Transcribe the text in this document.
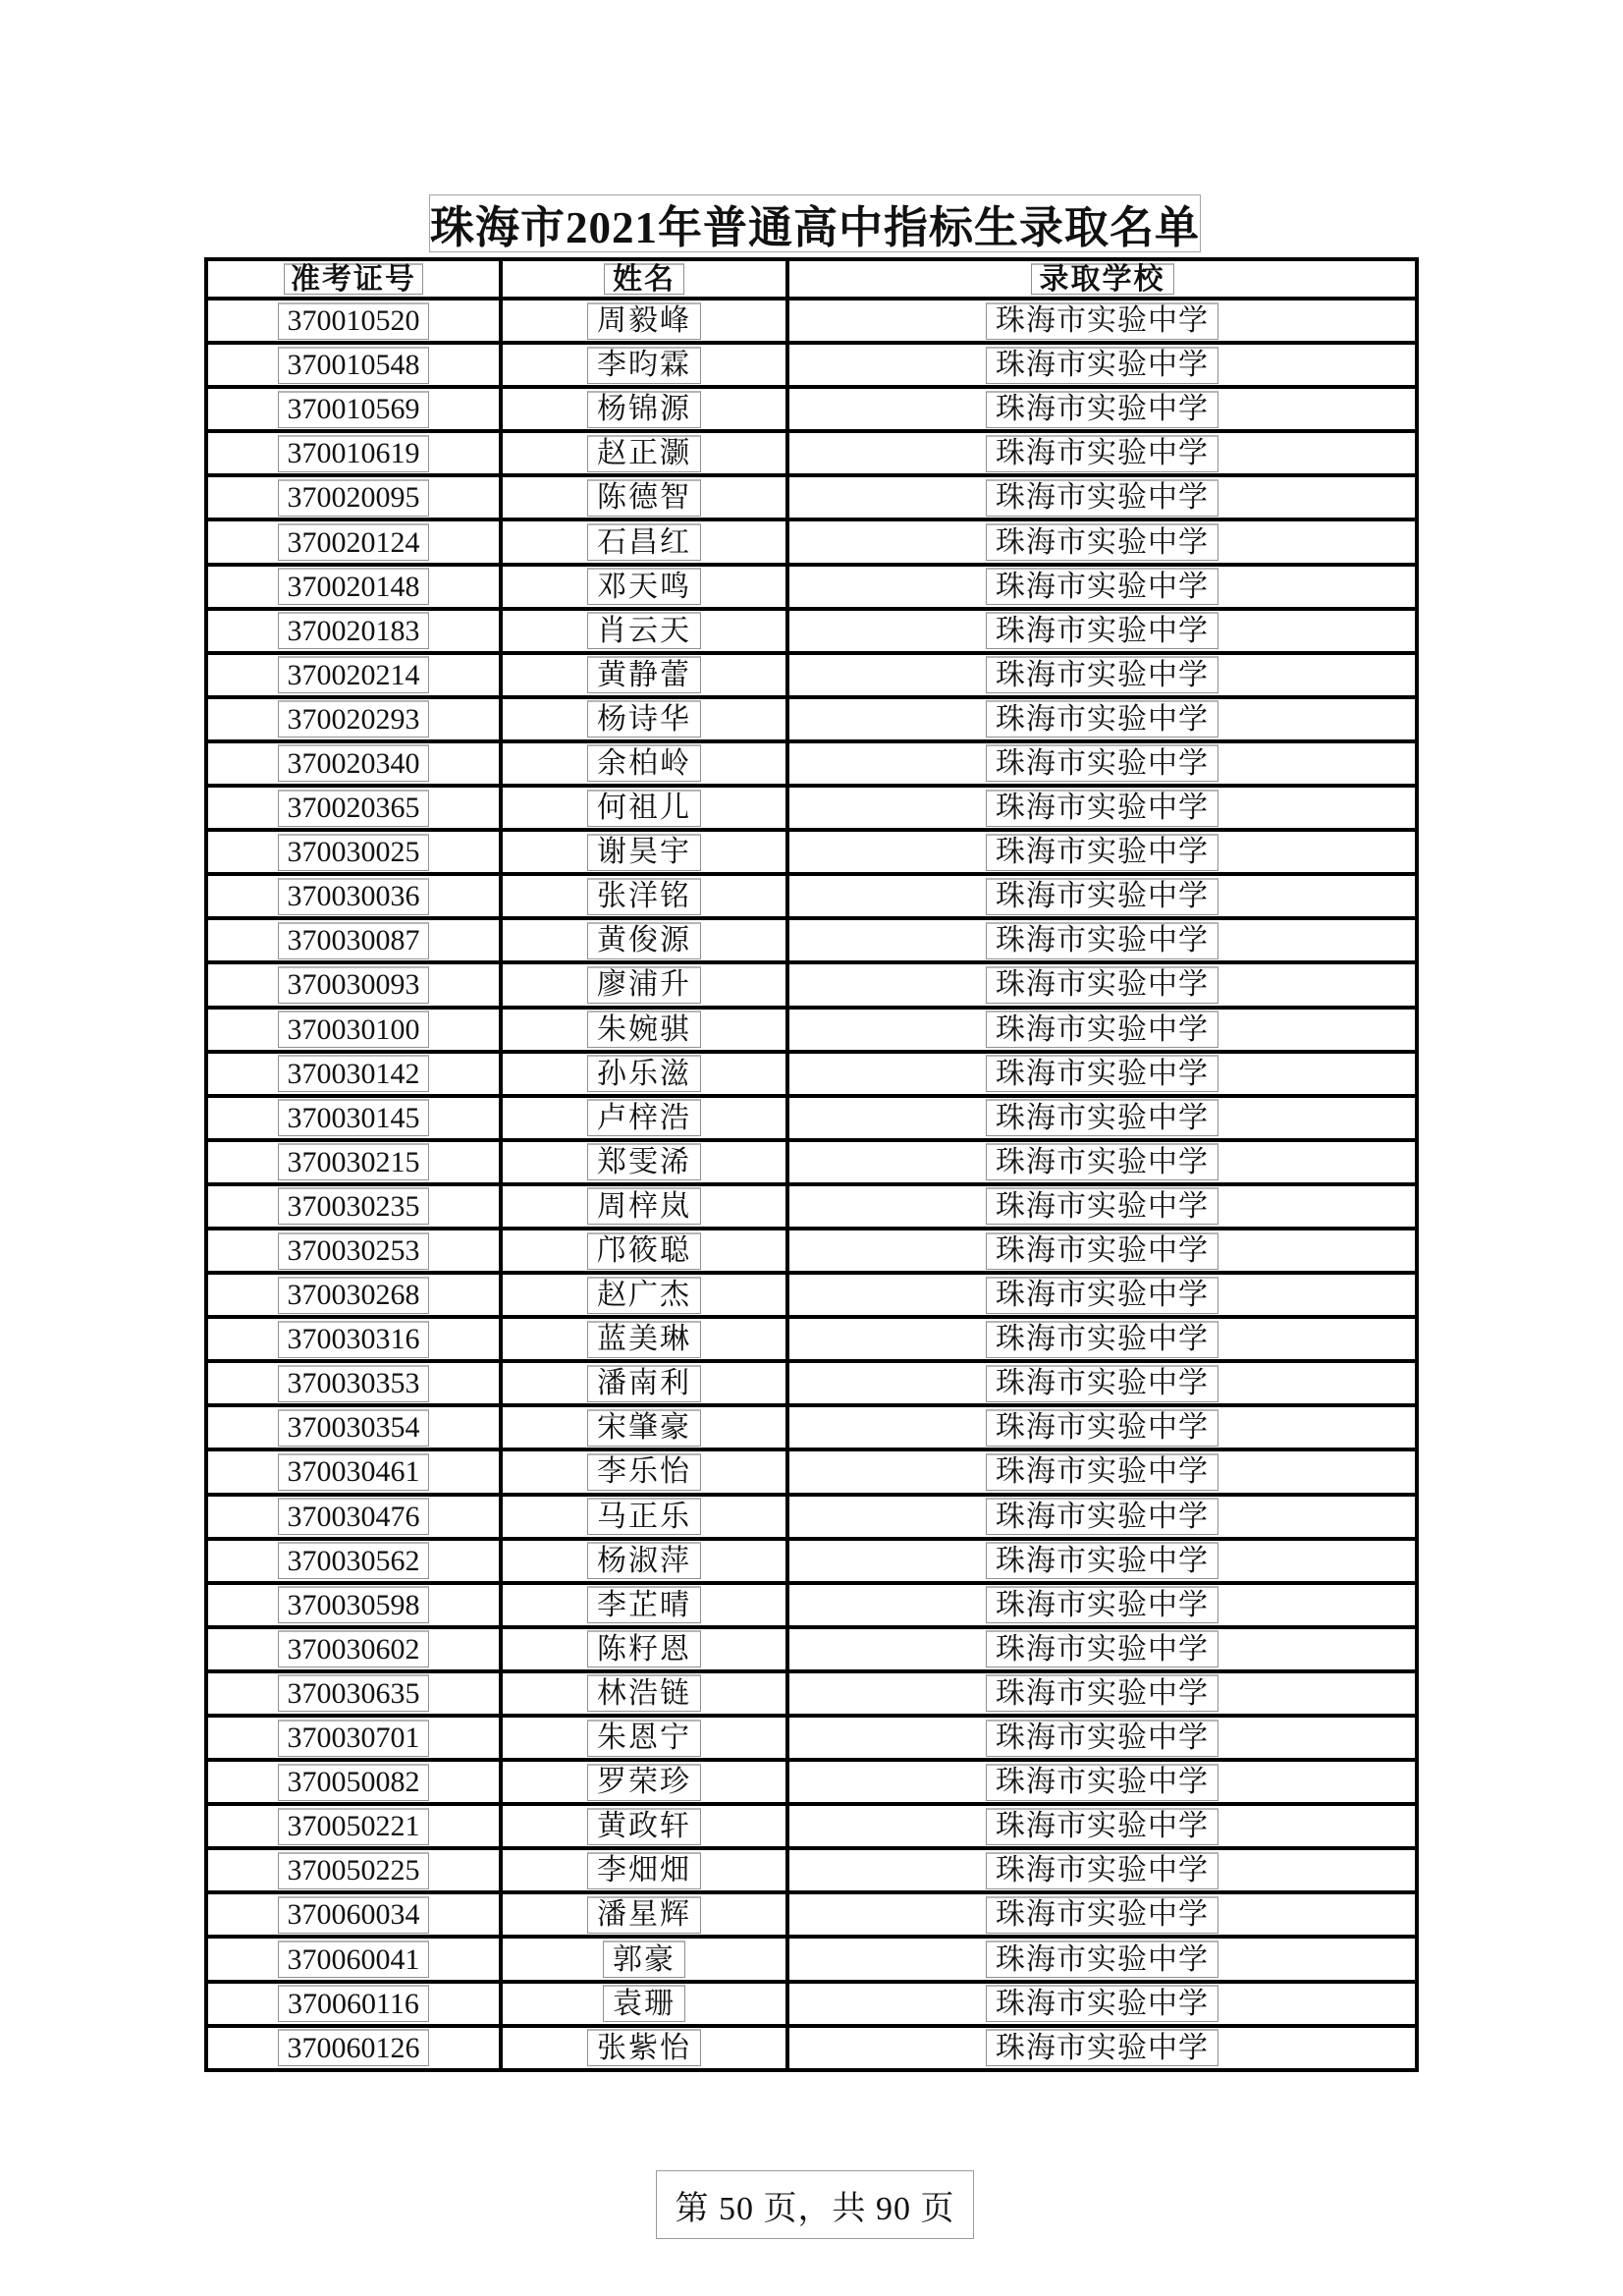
珠海市2021年普通高中指标生录取名单
准考证号	姓名	录取学校
370010520	周毅峰	珠海市实验中学
370010548	李昀霖	珠海市实验中学
370010569	杨锦源	珠海市实验中学
370010619	赵正灏	珠海市实验中学
370020095	陈德智	珠海市实验中学
370020124	石昌红	珠海市实验中学
370020148	邓天鸣	珠海市实验中学
370020183	肖云天	珠海市实验中学
370020214	黄静蕾	珠海市实验中学
370020293	杨诗华	珠海市实验中学
370020340	余柏岭	珠海市实验中学
370020365	何祖儿	珠海市实验中学
370030025	谢昊宇	珠海市实验中学
370030036	张洋铭	珠海市实验中学
370030087	黄俊源	珠海市实验中学
370030093	廖浦升	珠海市实验中学
370030100	朱婉骐	珠海市实验中学
370030142	孙乐滋	珠海市实验中学
370030145	卢梓浩	珠海市实验中学
370030215	郑雯浠	珠海市实验中学
370030235	周梓岚	珠海市实验中学
370030253	邝筱聪	珠海市实验中学
370030268	赵广杰	珠海市实验中学
370030316	蓝美琳	珠海市实验中学
370030353	潘南利	珠海市实验中学
370030354	宋肇豪	珠海市实验中学
370030461	李乐怡	珠海市实验中学
370030476	马正乐	珠海市实验中学
370030562	杨淑萍	珠海市实验中学
370030598	李芷晴	珠海市实验中学
370030602	陈籽恩	珠海市实验中学
370030635	林浩链	珠海市实验中学
370030701	朱恩宁	珠海市实验中学
370050082	罗荣珍	珠海市实验中学
370050221	黄政轩	珠海市实验中学
370050225	李畑畑	珠海市实验中学
370060034	潘星辉	珠海市实验中学
370060041	郭豪	珠海市实验中学
370060116	袁珊	珠海市实验中学
370060126	张紫怡	珠海市实验中学
第 50 页，共 90 页
